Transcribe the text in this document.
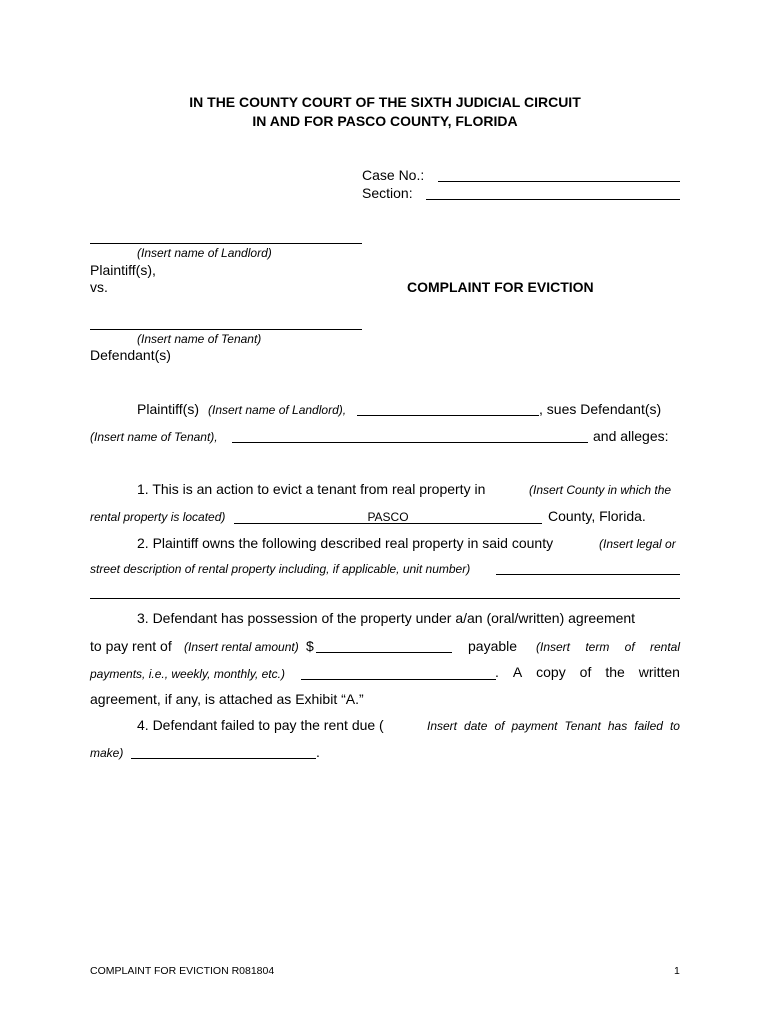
IN THE COUNTY COURT OF THE SIXTH JUDICIAL CIRCUIT
IN AND FOR PASCO COUNTY, FLORIDA
Case No.:
Section:
(Insert name of Landlord)
Plaintiff(s),
vs.	COMPLAINT FOR EVICTION
(Insert name of Tenant)
Defendant(s)
Plaintiff(s) (Insert name of Landlord),	, sues Defendant(s)
(Insert name of Tenant),	and alleges:
1. This is an action to evict a tenant from real property in	(Insert County in which the
rental property is located)	PASCO	County, Florida.
2. Plaintiff owns the following described real property in said county	(Insert legal or
street description of rental property including, if applicable, unit number)
3. Defendant has possession of the property under a/an (oral/written) agreement
to pay rent of (Insert rental amount) $	payable (Insert term of rental
payments, i.e., weekly, monthly, etc.)	. A copy of the written
agreement, if any, is attached as Exhibit “A.”
4. Defendant failed to pay the rent due (	Insert date of payment Tenant has failed to
make)	.
COMPLAINT FOR EVICTION R081804	1
